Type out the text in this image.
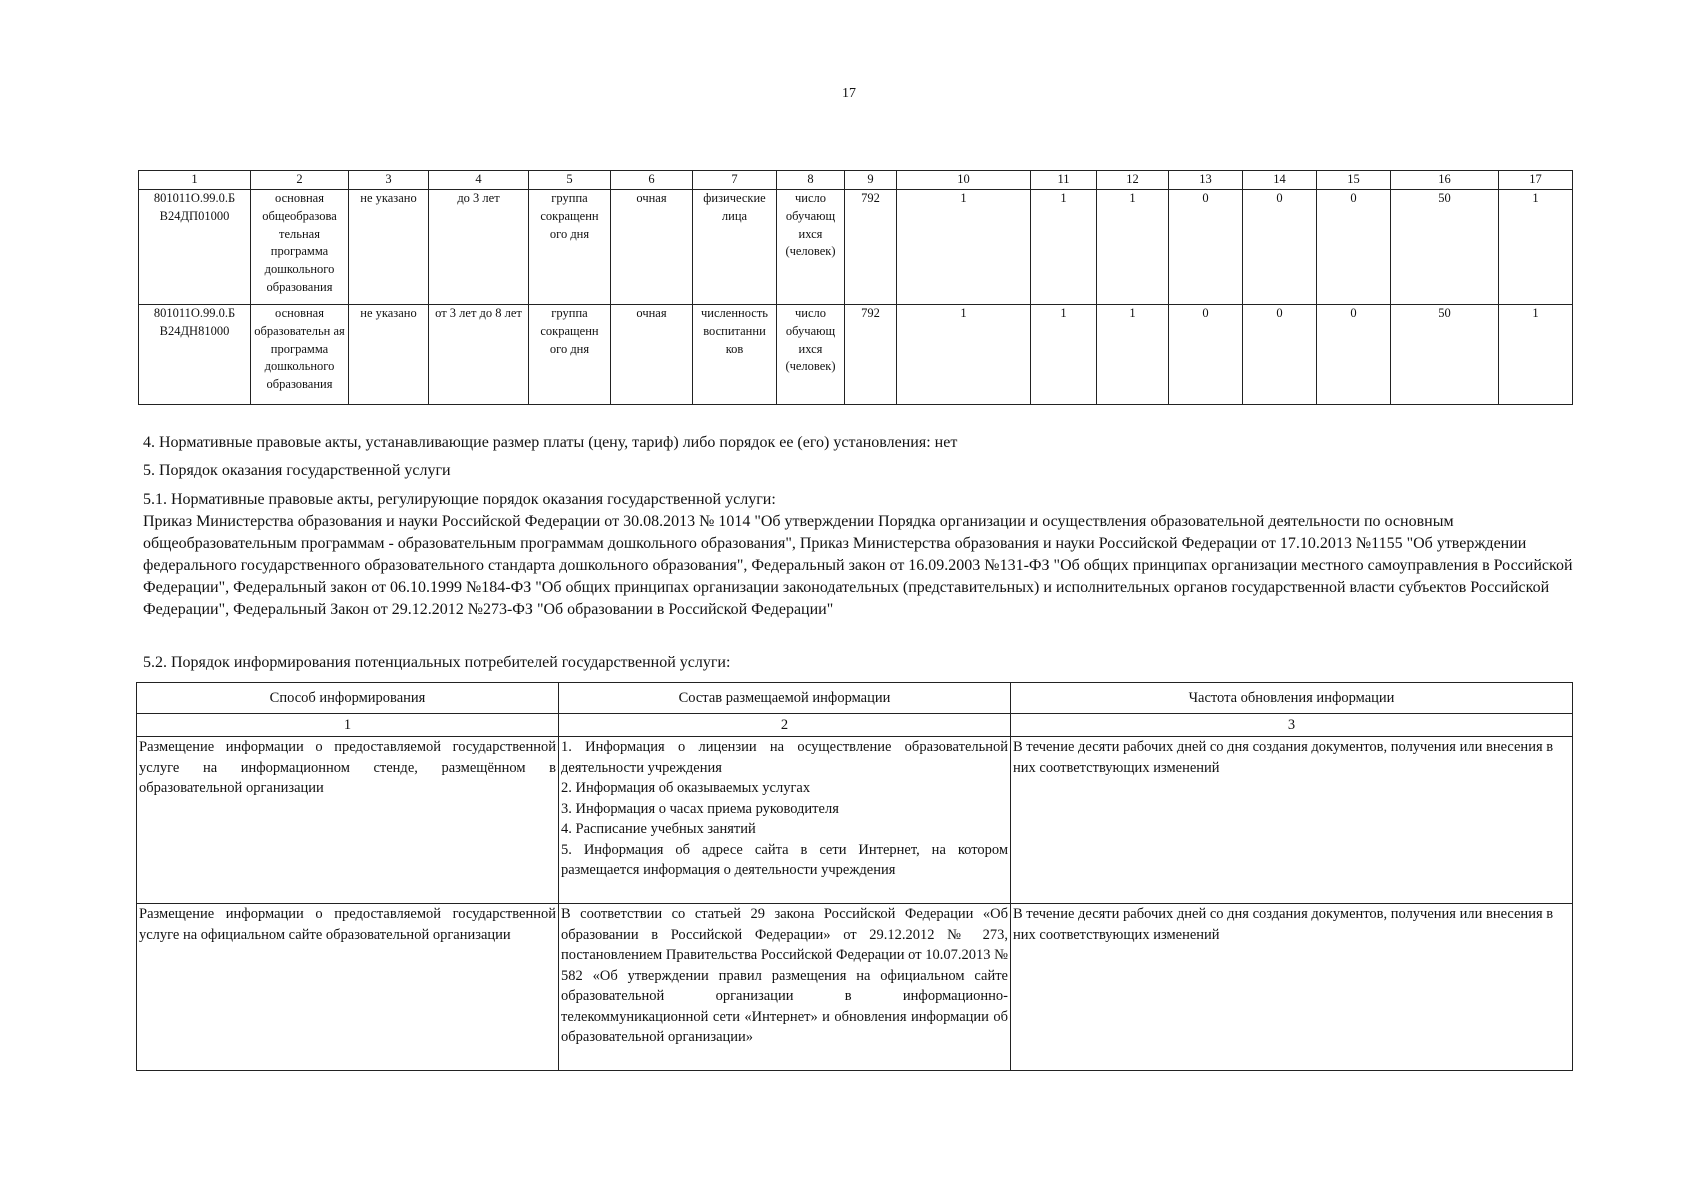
17
1	2	3	4	5	6	7	8	9	10	11	12	13	14	15	16	17
801011О.99.0.Б В24ДП01000	основная общеобразова тельная программа дошкольного образования	не указано	до 3 лет	группа сокращенн ого дня	очная	физические лица	число обучающ ихся (человек)	792	1	1	1	0	0	0	50	1
801011О.99.0.Б В24ДН81000	основная образовательн ая программа дошкольного образования	не указано	от 3 лет до 8 лет	группа сокращенн ого дня	очная	численность воспитанни ков	число обучающ ихся (человек)	792	1	1	1	0	0	0	50	1

4. Нормативные правовые акты, устанавливающие размер платы (цену, тариф) либо порядок ее (его) установления: нет

5. Порядок оказания государственной услуги

5.1. Нормативные правовые акты, регулирующие порядок оказания государственной услуги:

Приказ Министерства образования и науки Российской Федерации от 30.08.2013 № 1014 "Об утверждении Порядка организации и осуществления образовательной деятельности по основным общеобразовательным программам - образовательным программам дошкольного образования", Приказ Министерства образования и науки Российской Федерации от 17.10.2013 №1155 "Об утверждении федерального государственного образовательного стандарта дошкольного образования", Федеральный закон от 16.09.2003 №131-ФЗ "Об общих принципах организации местного самоуправления в Российской Федерации", Федеральный закон от 06.10.1999 №184-ФЗ "Об общих принципах организации законодательных (представительных) и исполнительных органов государственной власти субъектов Российской Федерации", Федеральный Закон от 29.12.2012 №273-ФЗ "Об образовании в Российской Федерации"

5.2. Порядок информирования потенциальных потребителей государственной услуги:
Способ информирования	Состав размещаемой информации	Частота обновления информации
1	2	3
Размещение информации о предоставляемой государственной услуге на информационном стенде, размещённом в образовательной организации	1. Информация о лицензии на осуществление образовательной деятельности учреждения
2. Информация об оказываемых услугах
3. Информация о часах приема руководителя
4. Расписание учебных занятий
5. Информация об адресе сайта в сети Интернет, на котором размещается информация о деятельности учреждения	В течение десяти рабочих дней со дня создания документов, получения или внесения в них соответствующих изменений
Размещение информации о предоставляемой государственной услуге на официальном сайте образовательной организации	В соответствии со статьей 29 закона Российской Федерации «Об образовании в Российской Федерации» от 29.12.2012 № 273, постановлением Правительства Российской Федерации от 10.07.2013 № 582 «Об утверждении правил размещения на официальном сайте образовательной организации в информационно-телекоммуникационной сети «Интернет» и обновления информации об образовательной организации»	В течение десяти рабочих дней со дня создания документов, получения или внесения в них соответствующих изменений
